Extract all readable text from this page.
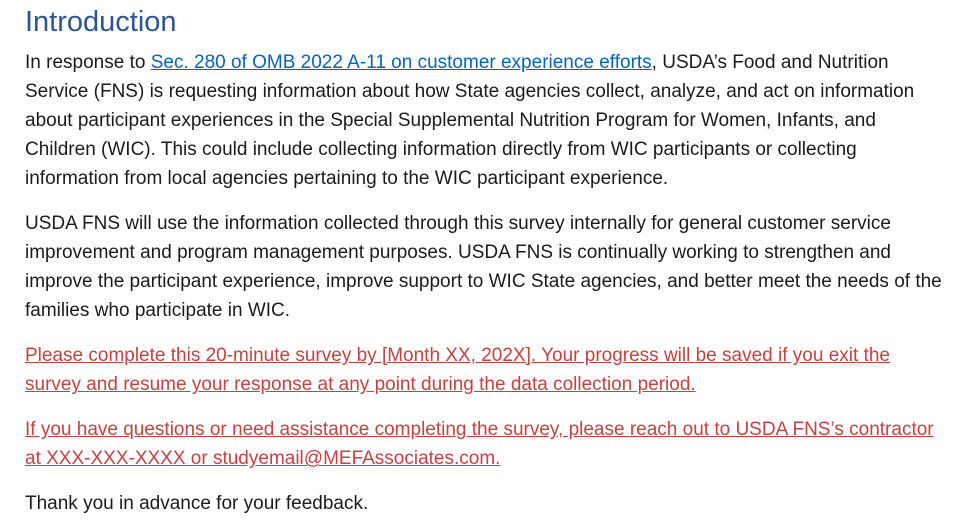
Introduction

In response to Sec. 280 of OMB 2022 A-11 on customer experience efforts, USDA’s Food and Nutrition Service (FNS) is requesting information about how State agencies collect, analyze, and act on information about participant experiences in the Special Supplemental Nutrition Program for Women, Infants, and Children (WIC). This could include collecting information directly from WIC participants or collecting information from local agencies pertaining to the WIC participant experience.

USDA FNS will use the information collected through this survey internally for general customer service improvement and program management purposes. USDA FNS is continually working to strengthen and improve the participant experience, improve support to WIC State agencies, and better meet the needs of the families who participate in WIC.

Please complete this 20-minute survey by [Month XX, 202X]. Your progress will be saved if you exit the survey and resume your response at any point during the data collection period.

If you have questions or need assistance completing the survey, please reach out to USDA FNS’s contractor at XXX-XXX-XXXX or studyemail@MEFAssociates.com.

Thank you in advance for your feedback.
